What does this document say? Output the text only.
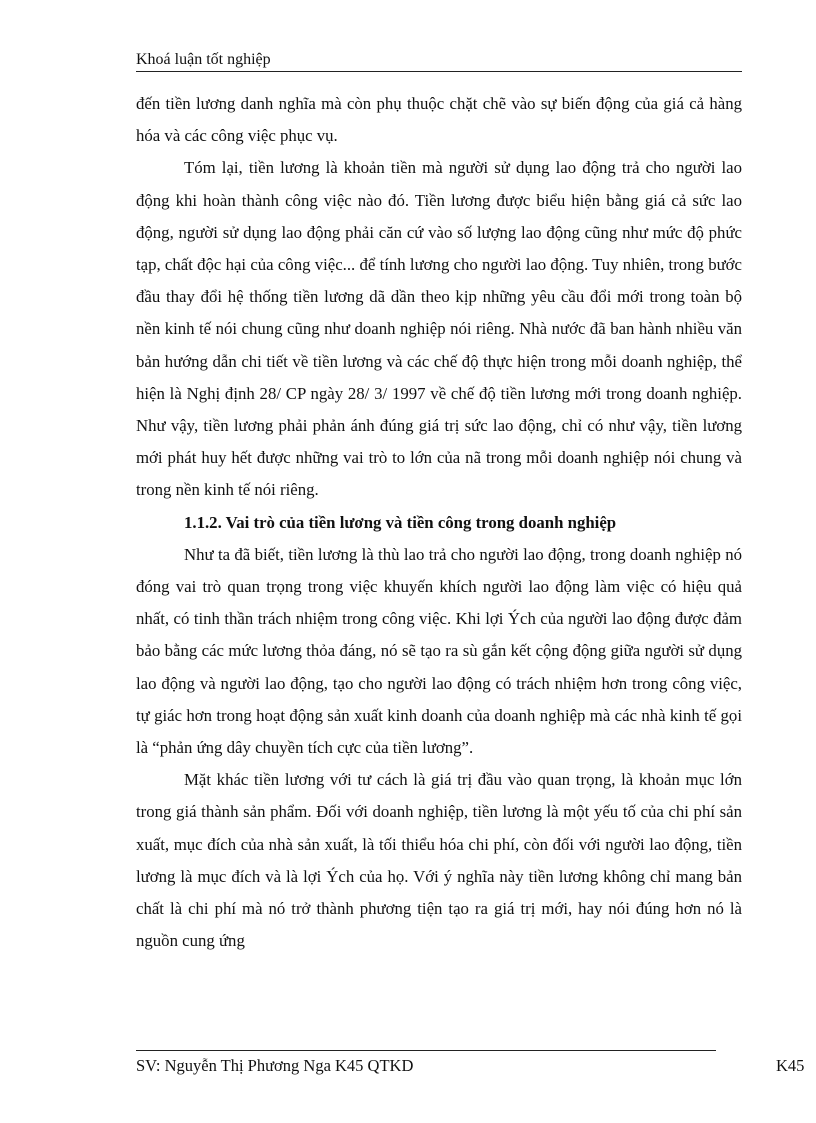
Khoá luận tốt nghiệp

đến tiền lương danh nghĩa mà còn phụ thuộc chặt chẽ vào sự biến động của giá cả hàng hóa và các công việc phục vụ.

Tóm lại, tiền lương là khoản tiền mà người sử dụng lao động trả cho người lao động khi hoàn thành công việc nào đó. Tiền lương được biểu hiện bằng giá cả sức lao động, người sử dụng lao động phải căn cứ vào số lượng lao động cũng như mức độ phức tạp, chất độc hại của công việc... để tính lương cho người lao động. Tuy nhiên, trong bước đầu thay đổi hệ thống tiền lương dã dần theo kịp những yêu cầu đổi mới trong toàn bộ nền kinh tế nói chung cũng như doanh nghiệp nói riêng. Nhà nước đã ban hành nhiều văn bản hướng dẫn chi tiết về tiền lương và các chế độ thực hiện trong mỗi doanh nghiệp, thể hiện là Nghị định 28/ CP ngày 28/ 3/ 1997 về chế độ tiền lương mới trong doanh nghiệp. Như vậy, tiền lương phải phản ánh đúng giá trị sức lao động, chỉ có như vậy, tiền lương mới phát huy hết được những vai trò to lớn của nã trong mỗi doanh nghiệp nói chung và trong nền kinh tế nói riêng.

1.1.2. Vai trò của tiền lương và tiền công trong doanh nghiệp

Như ta đã biết, tiền lương là thù lao trả cho người lao động, trong doanh nghiệp nó đóng vai trò quan trọng trong việc khuyến khích người lao động làm việc có hiệu quả nhất, có tinh thần trách nhiệm trong công việc. Khi lợi Ých của người lao động được đảm bảo bằng các mức lương thỏa đáng, nó sẽ tạo ra sù gắn kết cộng động giữa người sử dụng lao động và người lao động, tạo cho người lao động có trách nhiệm hơn trong công việc, tự giác hơn trong hoạt động sản xuất kinh doanh của doanh nghiệp mà các nhà kinh tế gọi là “phản ứng dây chuyền tích cực của tiền lương”.

Mặt khác tiền lương với tư cách là giá trị đầu vào quan trọng, là khoản mục lớn trong giá thành sản phẩm. Đối với doanh nghiệp, tiền lương là một yếu tố của chi phí sản xuất, mục đích của nhà sản xuất, là tối thiểu hóa chi phí, còn đối với người lao động, tiền lương là mục đích và là lợi Ých của họ. Với ý nghĩa này tiền lương không chỉ mang bản chất là chi phí mà nó trở thành phương tiện tạo ra giá trị mới, hay nói đúng hơn nó là nguồn cung ứng

SV: Nguyễn Thị Phương Nga K45 QTKD	K45
